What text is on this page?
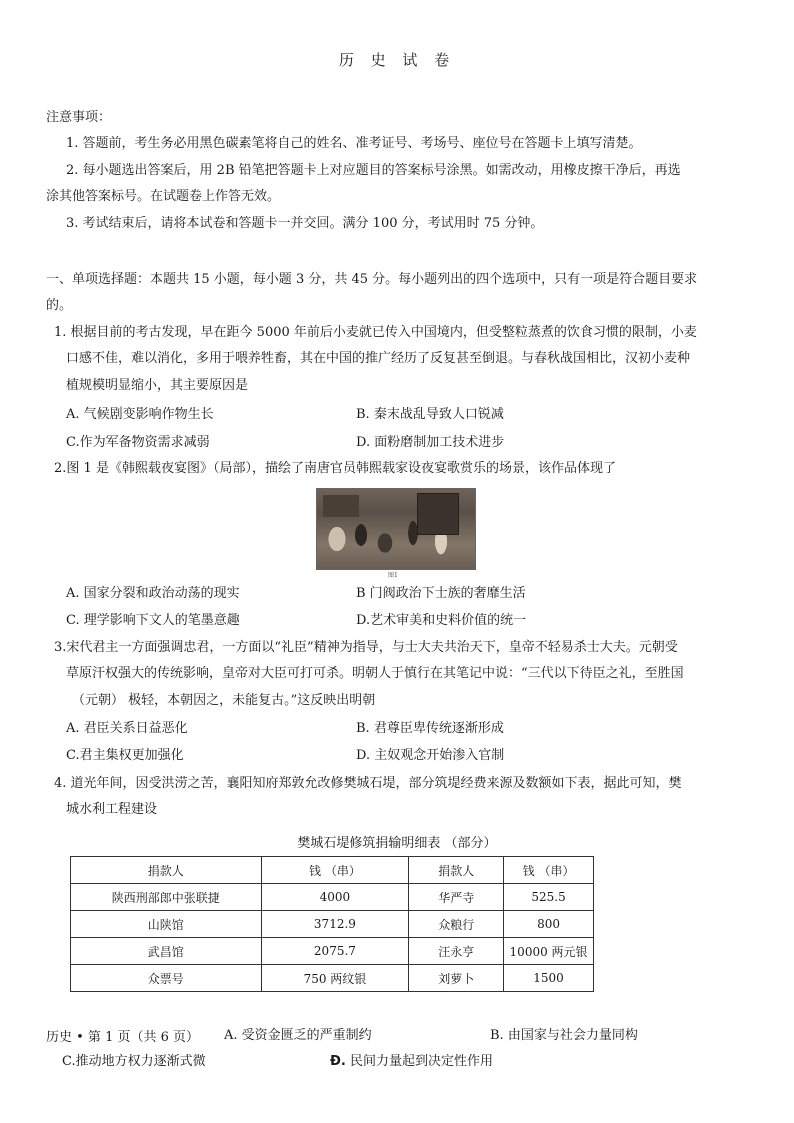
历 史 试 卷
注意事项：
1. 答题前，考生务必用黑色碳素笔将自己的姓名、准考证号、考场号、座位号在答题卡上填写清楚。
2. 每小题选出答案后，用 2B 铅笔把答题卡上对应题目的答案标号涂黑。如需改动，用橡皮擦干净后，再选
涂其他答案标号。在试题卷上作答无效。
3. 考试结束后，请将本试卷和答题卡一并交回。满分 100 分，考试用时 75 分钟。
一、单项选择题：本题共 15 小题，每小题 3 分，共 45 分。每小题列出的四个选项中，只有一项是符合题目要求
的。
1. 根据目前的考古发现，早在距今 5000 年前后小麦就已传入中国境内，但受整粒蒸煮的饮食习惯的限制，小麦
口感不佳，难以消化，多用于喂养牲畜，其在中国的推广经历了反复甚至倒退。与春秋战国相比，汉初小麦种
植规模明显缩小，其主要原因是
A. 气候剧变影响作物生长	B. 秦末战乱导致人口锐减
C.作为军备物资需求减弱	D. 面粉磨制加工技术进步
2.图 1 是《韩熙载夜宴图》（局部），描绘了南唐官员韩熙载家设夜宴歌赏乐的场景，该作品体现了
图1
A. 国家分裂和政治动荡的现实	B 门阀政治下士族的奢靡生活
C. 理学影响下文人的笔墨意趣	D.艺术审美和史料价值的统一
3.宋代君主一方面强调忠君，一方面以“礼臣”精神为指导，与士大夫共治天下，皇帝不轻易杀士大夫。元朝受
草原汗权强大的传统影响，皇帝对大臣可打可杀。明朝人于慎行在其笔记中说：“三代以下待臣之礼，至胜国
（元朝） 极轻，本朝因之，未能复古。”这反映出明朝
A. 君臣关系日益恶化	B. 君尊臣卑传统逐渐形成
C.君主集权更加强化	D. 主奴观念开始渗入官制
4. 道光年间，因受洪涝之苦，襄阳知府郑敦允改修樊城石堤，部分筑堤经费来源及数额如下表，据此可知，樊
城水利工程建设
樊城石堤修筑捐输明细表 （部分）
捐款人	钱 （串）	捐款人	钱 （串）
陕西刑部郎中张联捷	4000	华严寺	525.5
山陕馆	3712.9	众粮行	800
武昌馆	2075.7	汪永亨	10000 两元银
众票号	750 两纹银	刘萝卜	1500
历史 • 第 1 页（共 6 页） A. 受资金匮乏的严重制约	B. 由国家与社会力量同构
C.推动地方权力逐渐式微	Đ. 民间力量起到决定性作用
